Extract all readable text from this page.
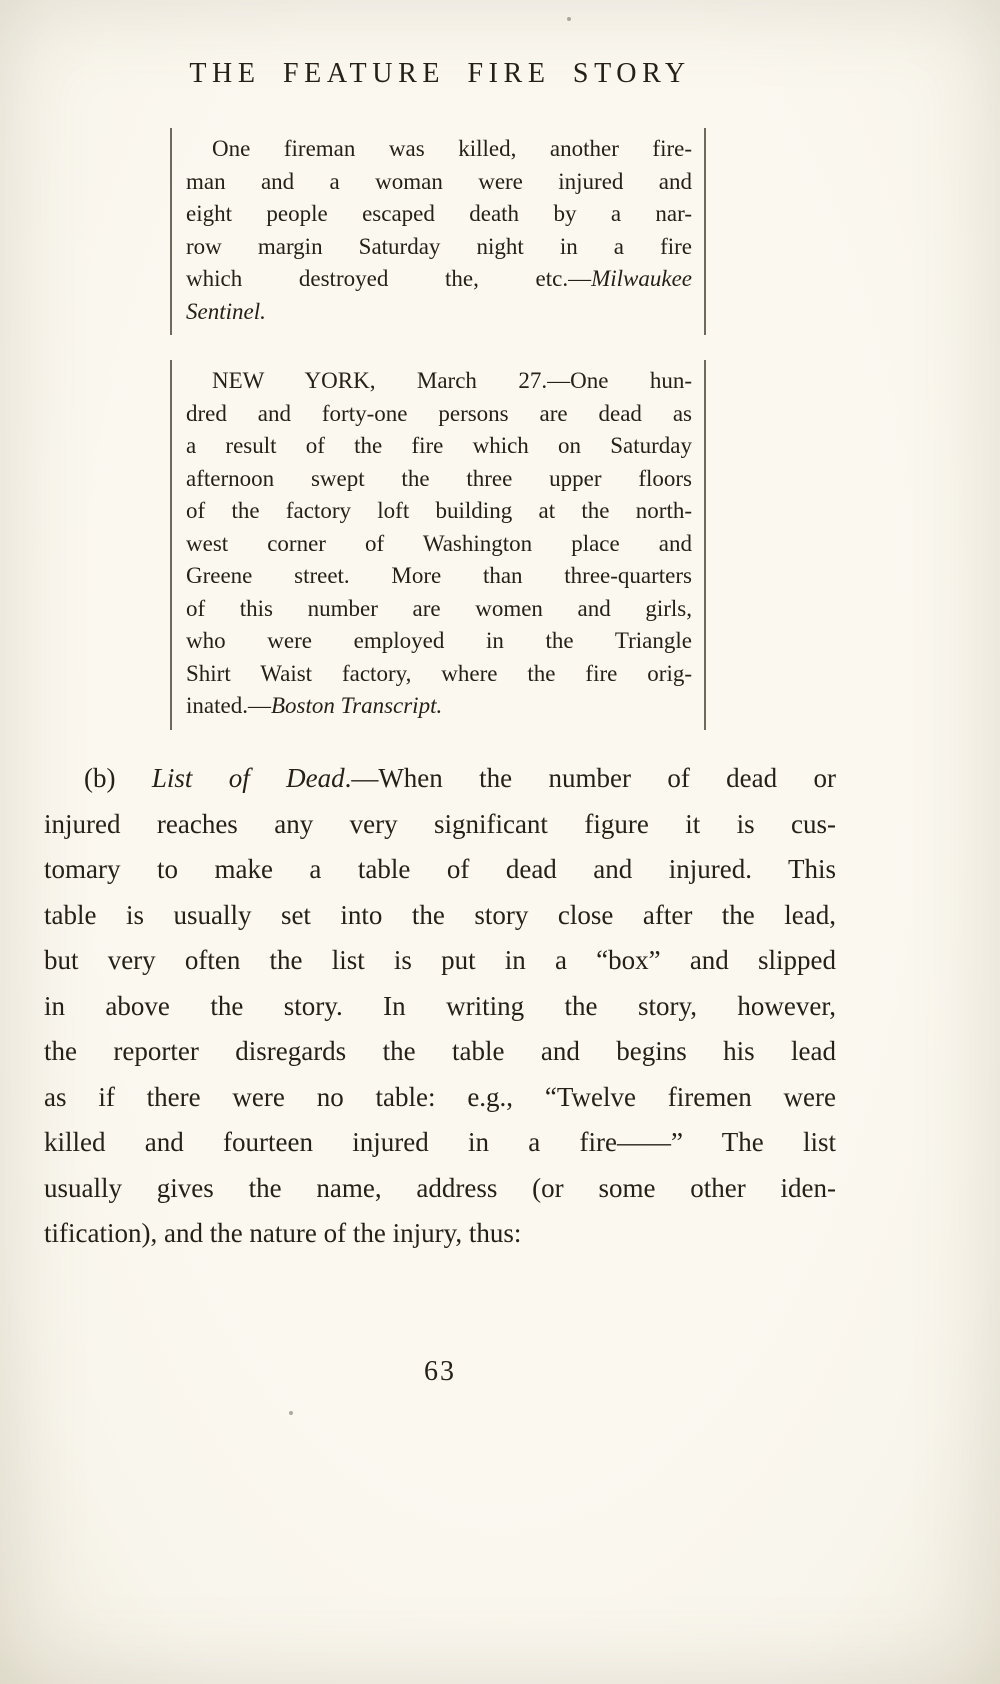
THE FEATURE FIRE STORY
One fireman was killed, another fire-
man and a woman were injured and
eight people escaped death by a nar-
row margin Saturday night in a fire
which destroyed the, etc.—Milwaukee
Sentinel.
NEW YORK, March 27.—One hun-
dred and forty-one persons are dead as
a result of the fire which on Saturday
afternoon swept the three upper floors
of the factory loft building at the north-
west corner of Washington place and
Greene street. More than three-quarters
of this number are women and girls,
who were employed in the Triangle
Shirt Waist factory, where the fire orig-
inated.—Boston Transcript.
(b) List of Dead.—When the number of dead or
injured reaches any very significant figure it is cus-
tomary to make a table of dead and injured. This
table is usually set into the story close after the lead,
but very often the list is put in a “box” and slipped
in above the story. In writing the story, however,
the reporter disregards the table and begins his lead
as if there were no table: e.g., “Twelve firemen were
killed and fourteen injured in a fire——” The list
usually gives the name, address (or some other iden-
tification), and the nature of the injury, thus:
63
